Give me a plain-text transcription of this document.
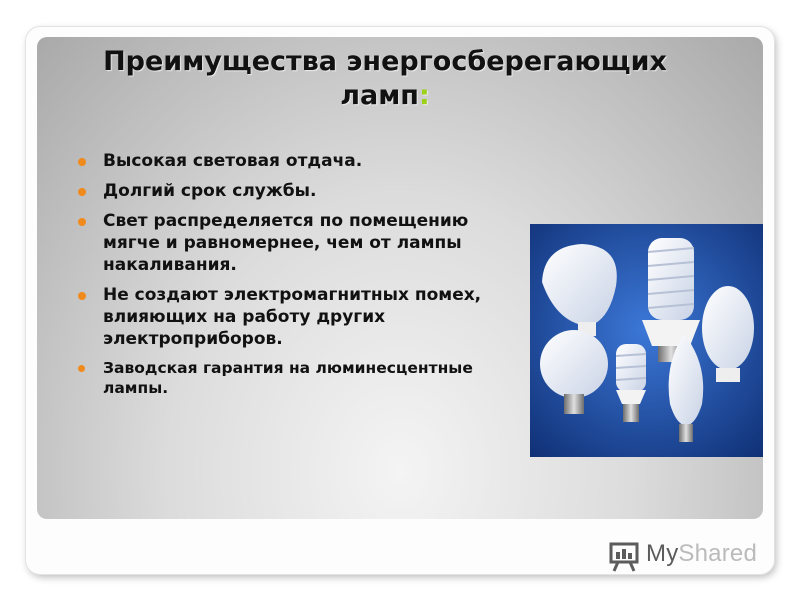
Преимущества энергосберегающих ламп:
Высокая световая отдача.
Долгий срок службы.
Свет распределяется по помещению мягче и равномернее, чем от лампы накаливания.
Не создают электромагнитных помех, влияющих на работу других электроприборов.
Заводская гарантия на люминесцентные лампы.
MyShared
